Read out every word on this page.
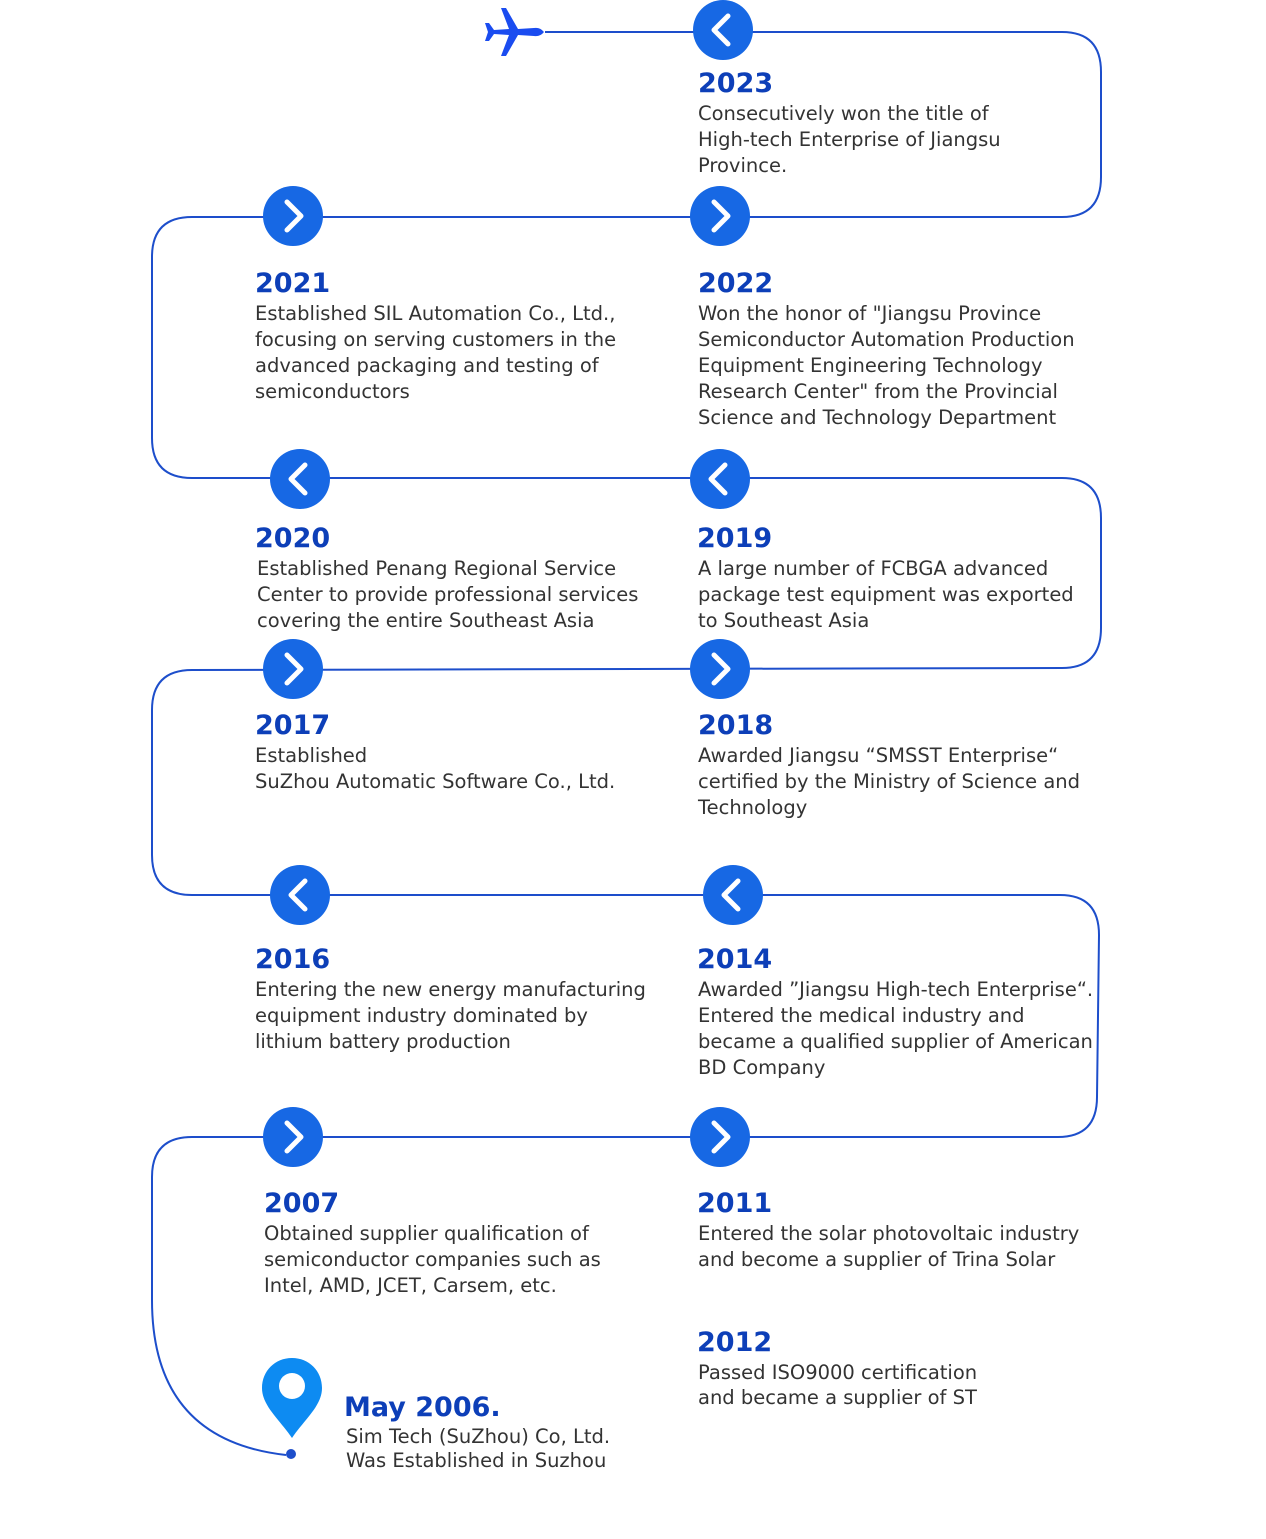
2023
Consecutively won the title of
High-tech Enterprise of Jiangsu
Province.
2022
Won the honor of "Jiangsu Province
Semiconductor Automation Production
Equipment Engineering Technology
Research Center" from the Provincial
Science and Technology Department
2021
Established SIL Automation Co., Ltd.,
focusing on serving customers in the
advanced packaging and testing of
semiconductors
2020
Established Penang Regional Service
Center to provide professional services
covering the entire Southeast Asia
2019
A large number of FCBGA advanced
package test equipment was exported
to Southeast Asia
2018
Awarded Jiangsu “SMSST Enterprise“
certified by the Ministry of Science and
Technology
2017
Established
SuZhou Automatic Software Co., Ltd.
2016
Entering the new energy manufacturing
equipment industry dominated by
lithium battery production
2014
Awarded ”Jiangsu High-tech Enterprise“.
Entered the medical industry and
became a qualified supplier of American
BD Company
2011
Entered the solar photovoltaic industry
and become a supplier of Trina Solar
2007
Obtained supplier qualification of
semiconductor companies such as
Intel, AMD, JCET, Carsem, etc.
2012
Passed ISO9000 certification
and became a supplier of ST
May 2006.
Sim Tech (SuZhou) Co, Ltd.
Was Established in Suzhou
